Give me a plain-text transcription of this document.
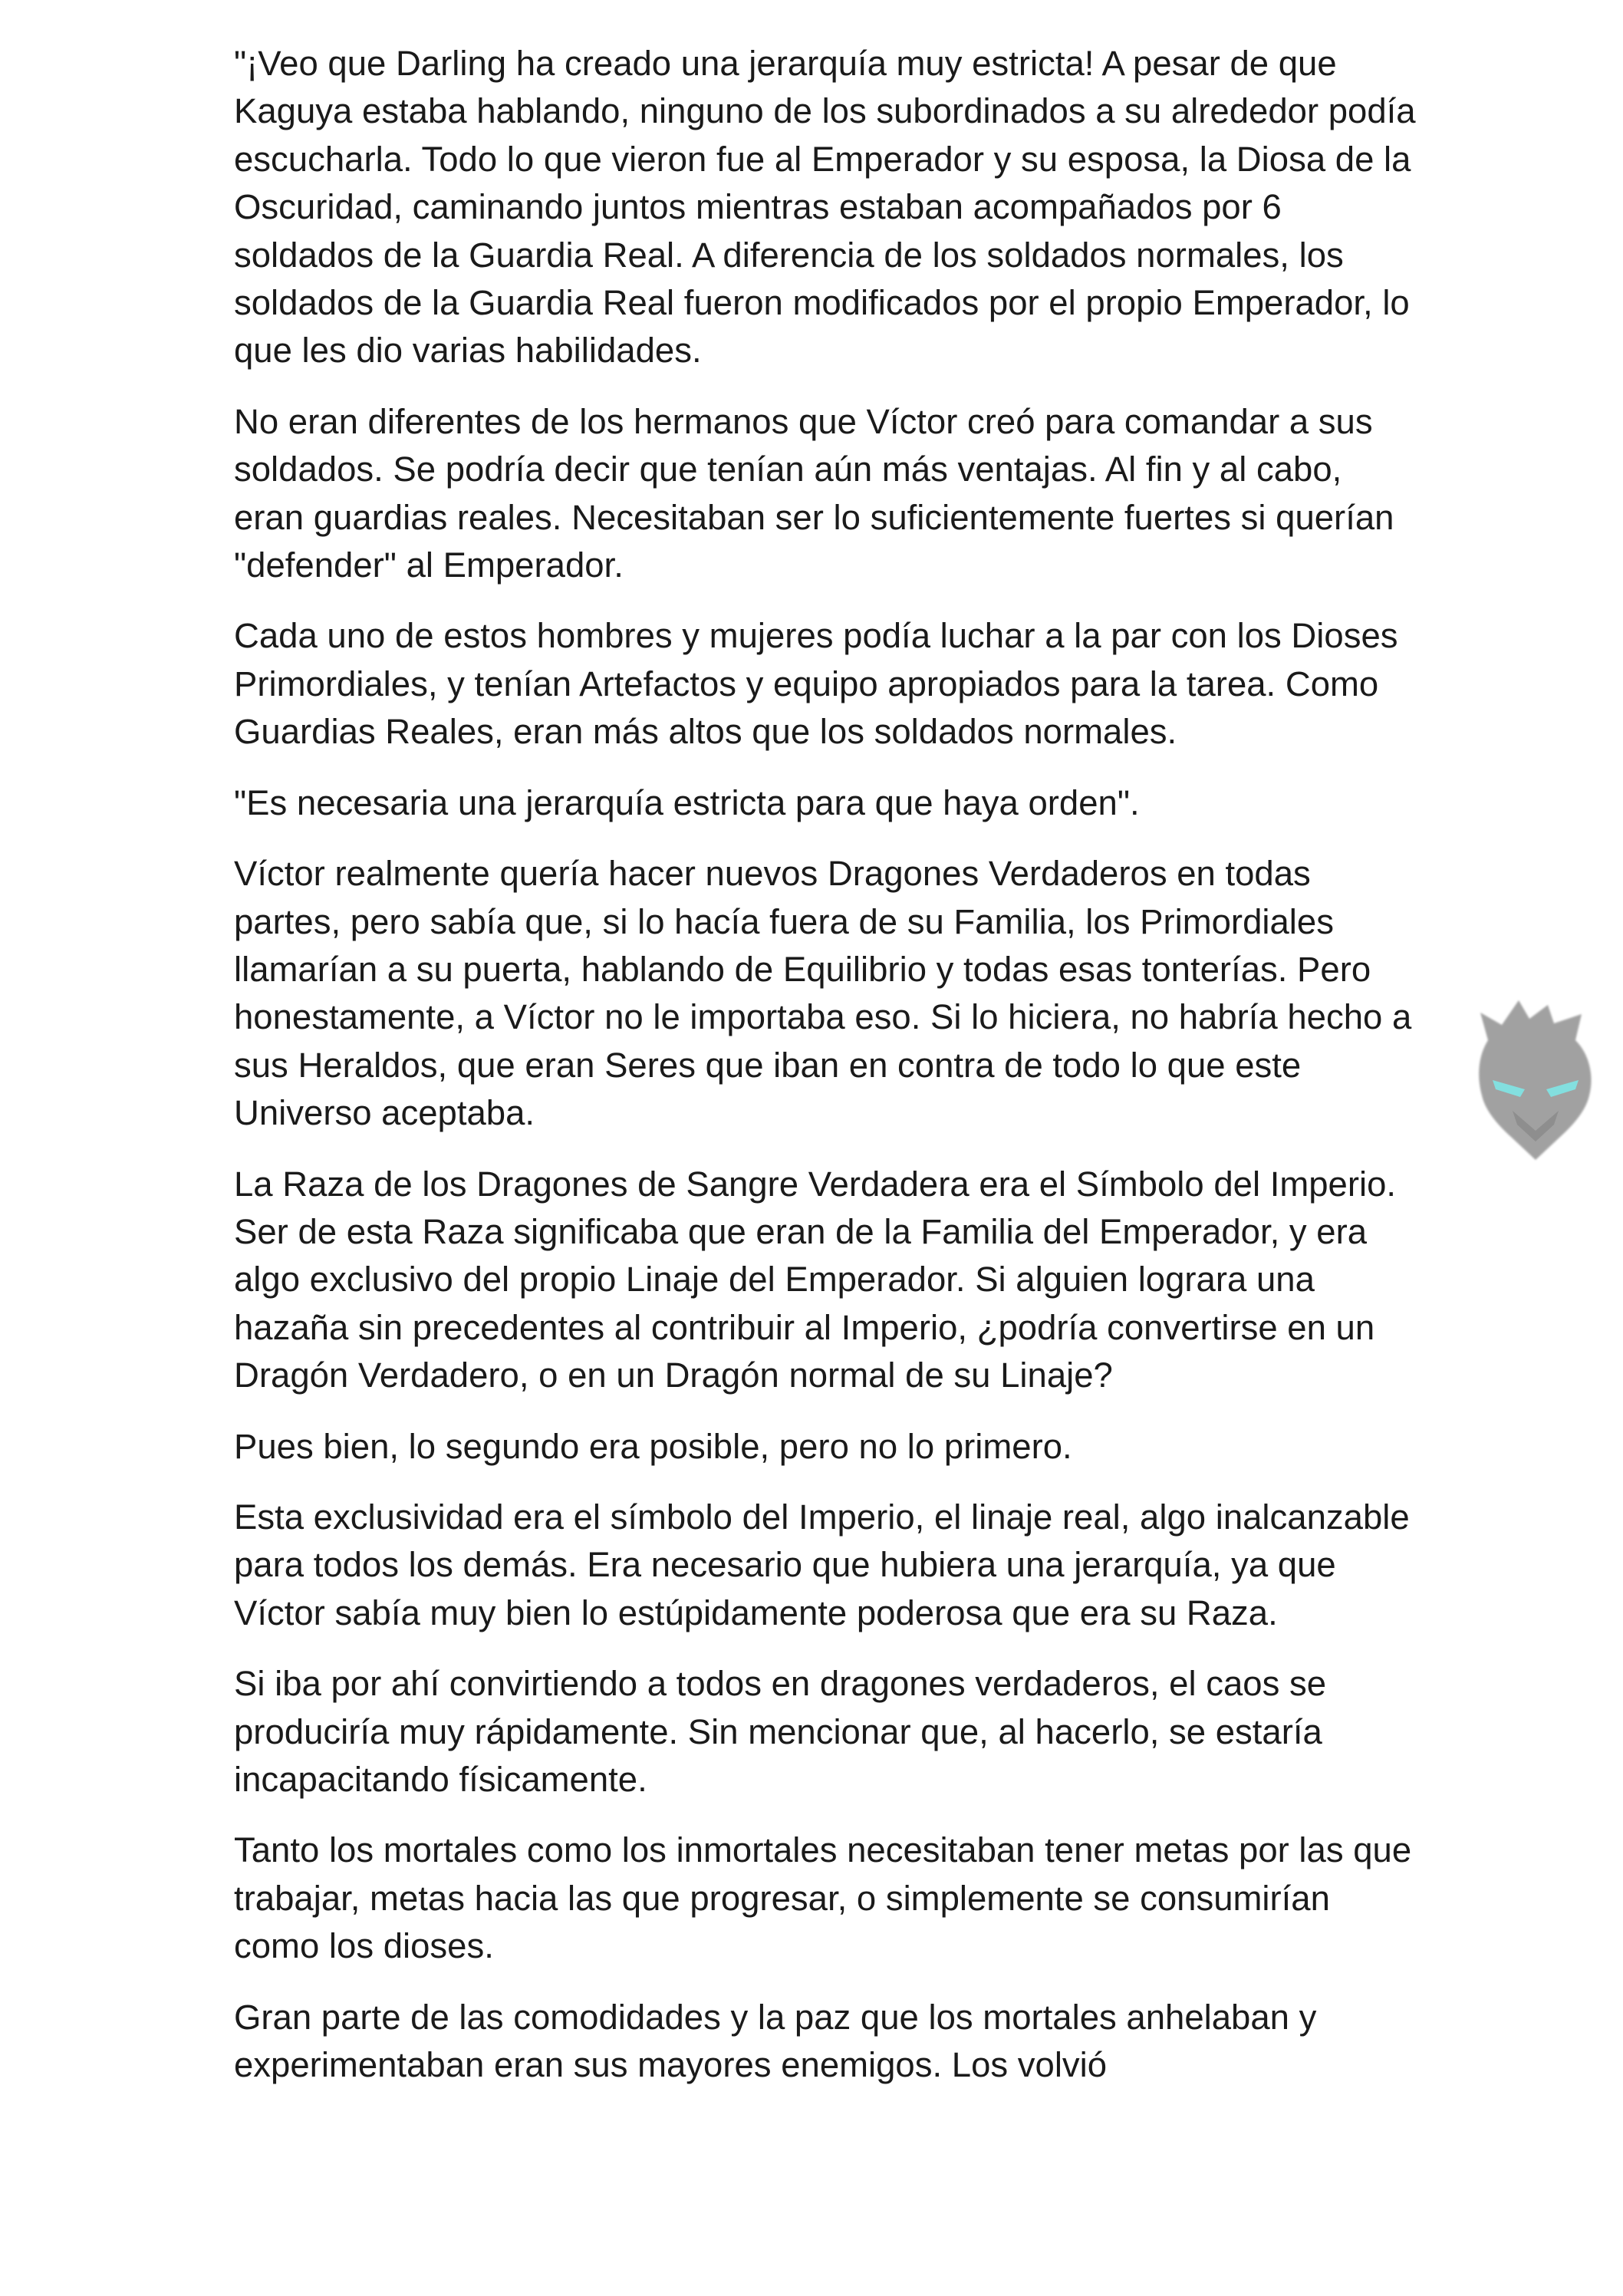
"¡Veo que Darling ha creado una jerarquía muy estricta! A pesar de que Kaguya estaba hablando, ninguno de los subordinados a su alrededor podía escucharla. Todo lo que vieron fue al Emperador y su esposa, la Diosa de la Oscuridad, caminando juntos mientras estaban acompañados por 6 soldados de la Guardia Real. A diferencia de los soldados normales, los soldados de la Guardia Real fueron modificados por el propio Emperador, lo que les dio varias habilidades.

No eran diferentes de los hermanos que Víctor creó para comandar a sus soldados. Se podría decir que tenían aún más ventajas. Al fin y al cabo, eran guardias reales. Necesitaban ser lo suficientemente fuertes si querían "defender" al Emperador.

Cada uno de estos hombres y mujeres podía luchar a la par con los Dioses Primordiales, y tenían Artefactos y equipo apropiados para la tarea. Como Guardias Reales, eran más altos que los soldados normales.

"Es necesaria una jerarquía estricta para que haya orden".

Víctor realmente quería hacer nuevos Dragones Verdaderos en todas partes, pero sabía que, si lo hacía fuera de su Familia, los Primordiales llamarían a su puerta, hablando de Equilibrio y todas esas tonterías. Pero honestamente, a Víctor no le importaba eso. Si lo hiciera, no habría hecho a sus Heraldos, que eran Seres que iban en contra de todo lo que este Universo aceptaba.

La Raza de los Dragones de Sangre Verdadera era el Símbolo del Imperio. Ser de esta Raza significaba que eran de la Familia del Emperador, y era algo exclusivo del propio Linaje del Emperador. Si alguien lograra una hazaña sin precedentes al contribuir al Imperio, ¿podría convertirse en un Dragón Verdadero, o en un Dragón normal de su Linaje?

Pues bien, lo segundo era posible, pero no lo primero.

Esta exclusividad era el símbolo del Imperio, el linaje real, algo inalcanzable para todos los demás. Era necesario que hubiera una jerarquía, ya que Víctor sabía muy bien lo estúpidamente poderosa que era su Raza.

Si iba por ahí convirtiendo a todos en dragones verdaderos, el caos se produciría muy rápidamente. Sin mencionar que, al hacerlo, se estaría incapacitando físicamente.

Tanto los mortales como los inmortales necesitaban tener metas por las que trabajar, metas hacia las que progresar, o simplemente se consumirían como los dioses.

Gran parte de las comodidades y la paz que los mortales anhelaban y experimentaban eran sus mayores enemigos. Los volvió
